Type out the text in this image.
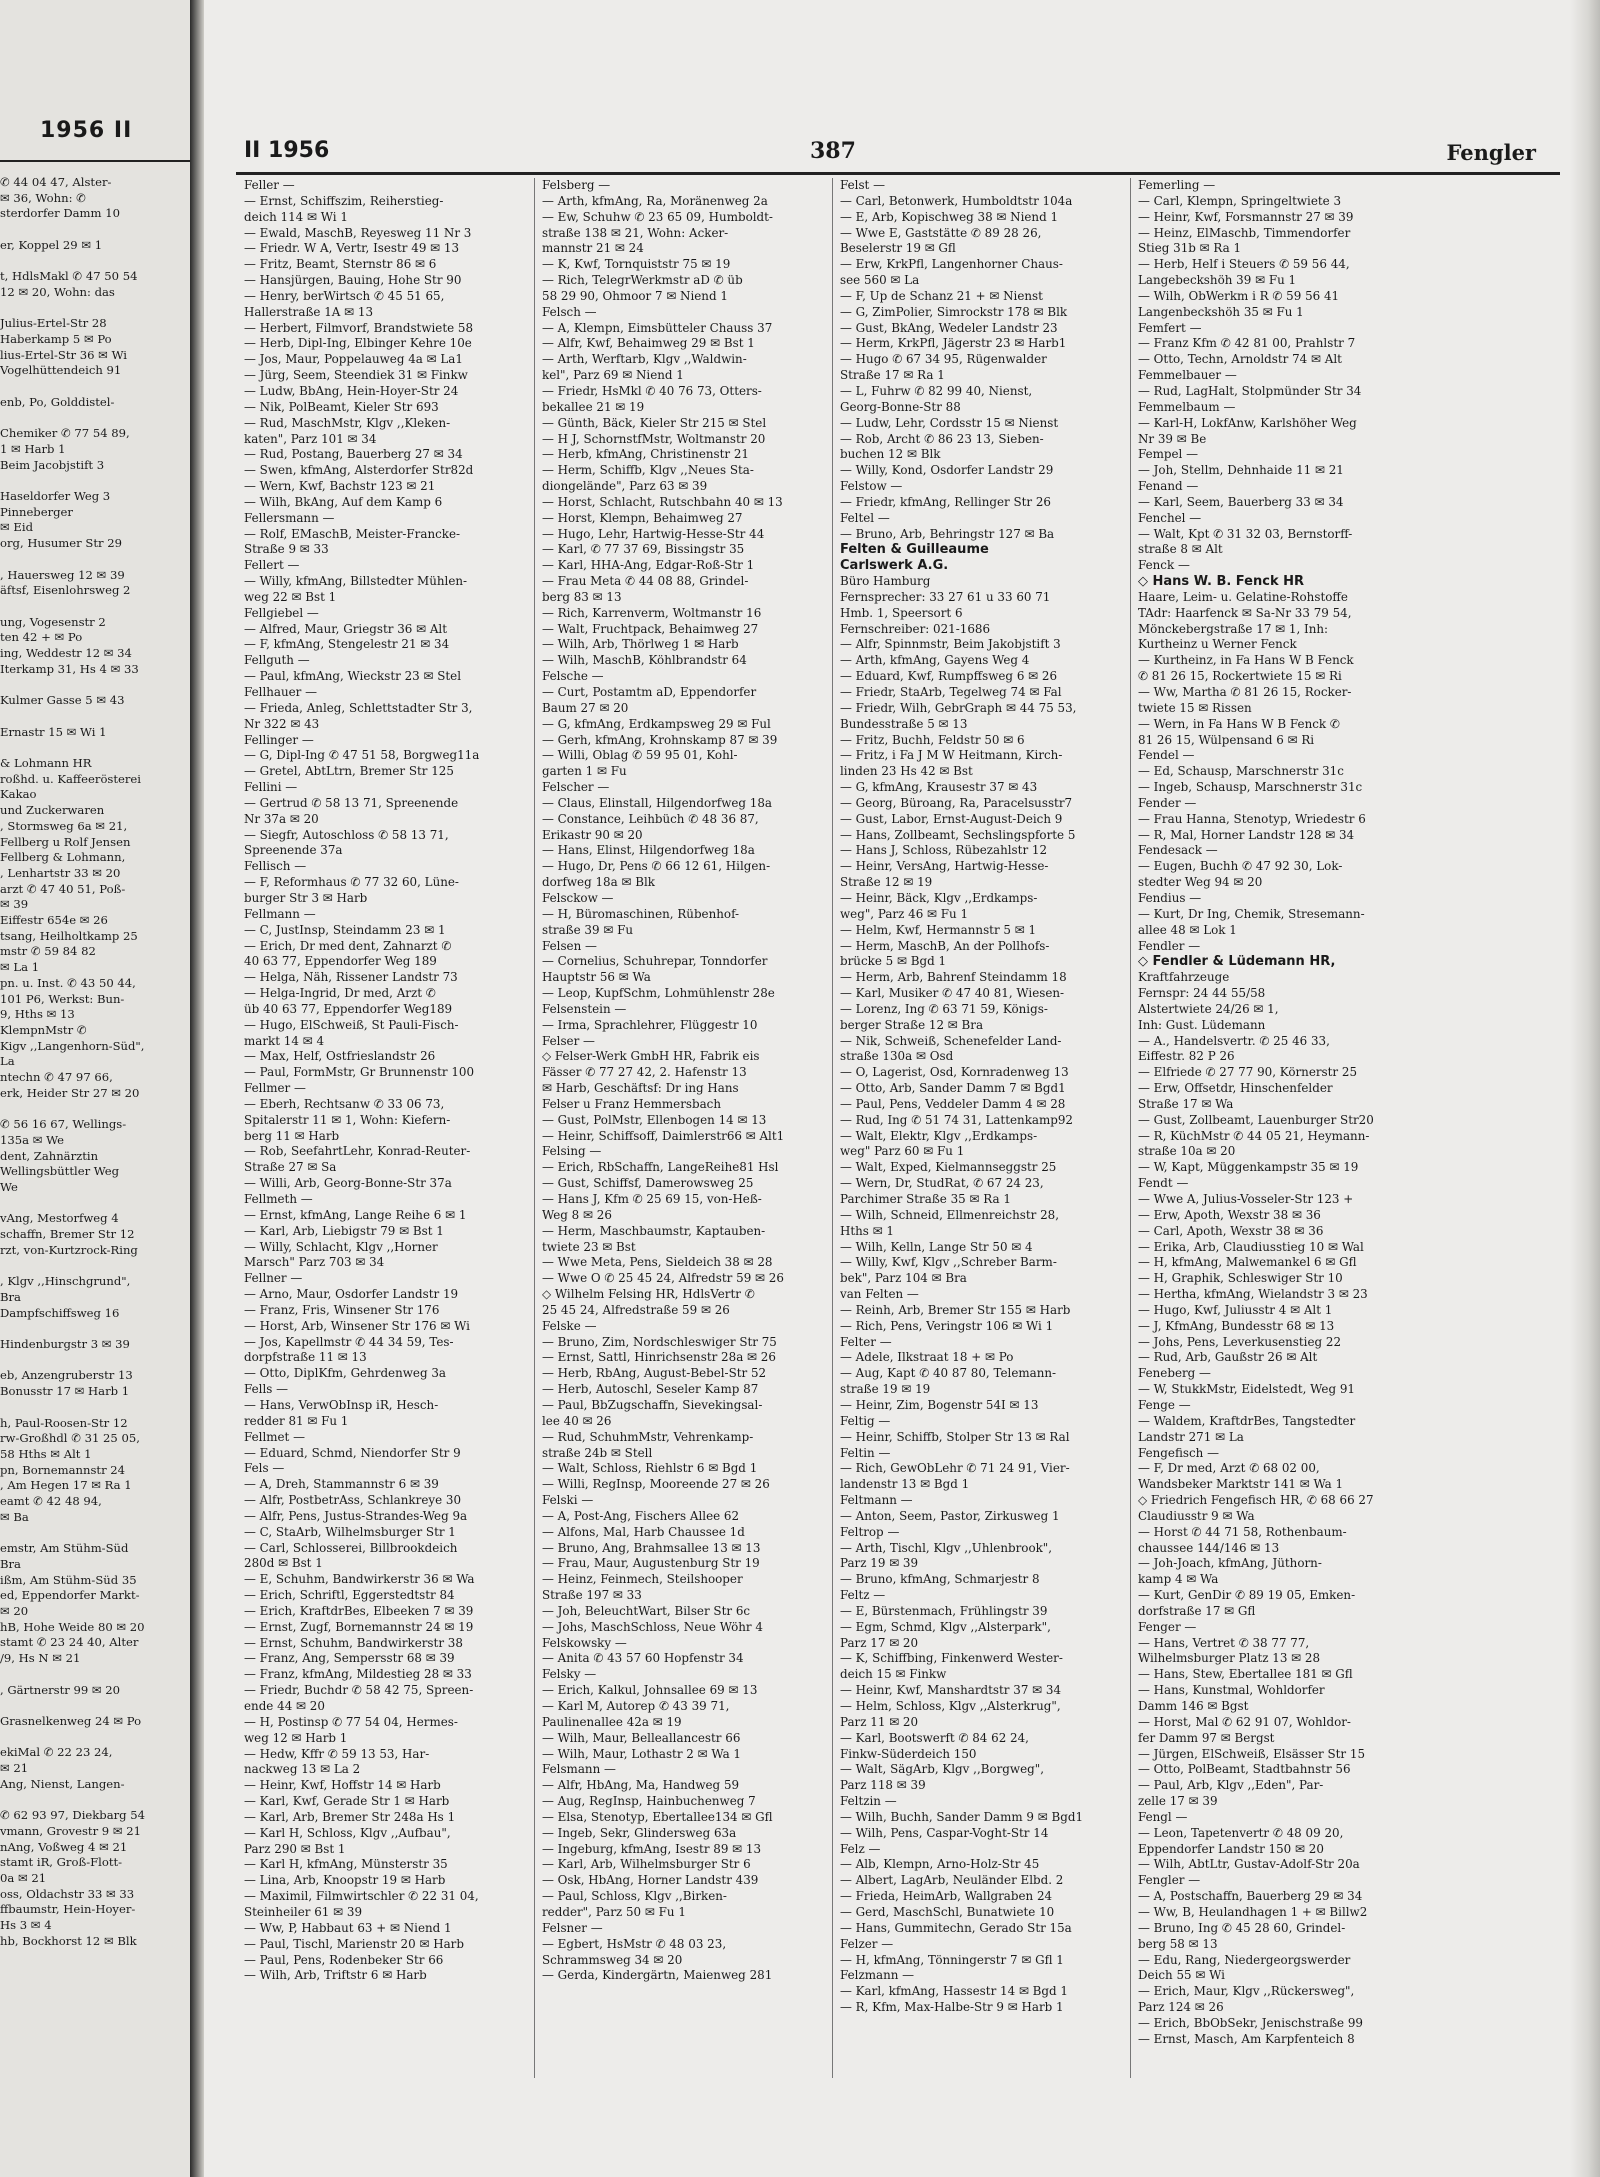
1956 II
✆ 44 04 47, Alster-
✉ 36, Wohn: ✆
sterdorfer Damm 10

er, Koppel 29 ✉ 1

t, HdlsMakl ✆ 47 50 54
12 ✉ 20, Wohn: das

Julius-Ertel-Str 28
Haberkamp 5 ✉ Po
lius-Ertel-Str 36 ✉ Wi
Vogelhüttendeich 91

enb, Po, Golddistel-

Chemiker ✆ 77 54 89,
1 ✉ Harb 1
Beim Jacobjstift 3

Haseldorfer Weg 3
Pinneberger
✉ Eid
org, Husumer Str 29

, Hauersweg 12 ✉ 39
äftsf, Eisenlohrsweg 2

ung, Vogesenstr 2
ten 42 + ✉ Po
ing, Weddestr 12 ✉ 34
Iterkamp 31, Hs 4 ✉ 33

Kulmer Gasse 5 ✉ 43

Ernastr 15 ✉ Wi 1

& Lohmann HR
roßhd. u. Kaffeerösterei
Kakao
und Zuckerwaren
, Stormsweg 6a ✉ 21,
Fellberg u Rolf Jensen
Fellberg & Lohmann,
, Lenhartstr 33 ✉ 20
arzt ✆ 47 40 51, Poß-
✉ 39
Eiffestr 654e ✉ 26
tsang, Heilholtkamp 25
mstr ✆ 59 84 82
✉ La 1
pn. u. Inst. ✆ 43 50 44,
101 P6, Werkst: Bun-
9, Hths ✉ 13
KlempnMstr ✆
Kigv ,,Langenhorn-Süd",
La
ntechn ✆ 47 97 66,
erk, Heider Str 27 ✉ 20

✆ 56 16 67, Wellings-
135a ✉ We
dent, Zahnärztin
Wellingsbüttler Weg
We

vAng, Mestorfweg 4
schaffn, Bremer Str 12
rzt, von-Kurtzrock-Ring

, Klgv ,,Hinschgrund",
Bra
Dampfschiffsweg 16

Hindenburgstr 3 ✉ 39

eb, Anzengruberstr 13
Bonusstr 17 ✉ Harb 1

h, Paul-Roosen-Str 12
rw-Großhdl ✆ 31 25 05,
58 Hths ✉ Alt 1
pn, Bornemannstr 24
, Am Hegen 17 ✉ Ra 1
eamt ✆ 42 48 94,
✉ Ba

emstr, Am Stühm-Süd
Bra
ißm, Am Stühm-Süd 35
ed, Eppendorfer Markt-
✉ 20
hB, Hohe Weide 80 ✉ 20
stamt ✆ 23 24 40, Alter
/9, Hs N ✉ 21

, Gärtnerstr 99 ✉ 20

Grasnelkenweg 24 ✉ Po

ekiMal ✆ 22 23 24,
✉ 21
Ang, Nienst, Langen-

✆ 62 93 97, Diekbarg 54
vmann, Grovestr 9 ✉ 21
nAng, Voßweg 4 ✉ 21
stamt iR, Groß-Flott-
0a ✉ 21
oss, Oldachstr 33 ✉ 33
ffbaumstr, Hein-Hoyer-
Hs 3 ✉ 4
hb, Bockhorst 12 ✉ Blk
II 1956	387	Fengler
Feller —
— Ernst, Schiffszim, Reiherstieg-
deich 114 ✉ Wi 1
— Ewald, MaschB, Reyesweg 11 Nr 3
— Friedr. W A, Vertr, Isestr 49 ✉ 13
— Fritz, Beamt, Sternstr 86 ✉ 6
— Hansjürgen, Bauing, Hohe Str 90
— Henry, berWirtsch ✆ 45 51 65,
Hallerstraße 1A ✉ 13
— Herbert, Filmvorf, Brandstwiete 58
— Herb, Dipl-Ing, Elbinger Kehre 10e
— Jos, Maur, Poppelauweg 4a ✉ La1
— Jürg, Seem, Steendiek 31 ✉ Finkw
— Ludw, BbAng, Hein-Hoyer-Str 24
— Nik, PolBeamt, Kieler Str 693
— Rud, MaschMstr, Klgv ,,Kleken-
katen", Parz 101 ✉ 34
— Rud, Postang, Bauerberg 27 ✉ 34
— Swen, kfmAng, Alsterdorfer Str82d
— Wern, Kwf, Bachstr 123 ✉ 21
— Wilh, BkAng, Auf dem Kamp 6
Fellersmann —
— Rolf, EMaschB, Meister-Francke-
Straße 9 ✉ 33
Fellert —
— Willy, kfmAng, Billstedter Mühlen-
weg 22 ✉ Bst 1
Fellgiebel —
— Alfred, Maur, Griegstr 36 ✉ Alt
— F, kfmAng, Stengelestr 21 ✉ 34
Fellguth —
— Paul, kfmAng, Wieckstr 23 ✉ Stel
Fellhauer —
— Frieda, Anleg, Schlettstadter Str 3,
Nr 322 ✉ 43
Fellinger —
— G, Dipl-Ing ✆ 47 51 58, Borgweg11a
— Gretel, AbtLtrn, Bremer Str 125
Fellini —
— Gertrud ✆ 58 13 71, Spreenende
Nr 37a ✉ 20
— Siegfr, Autoschloss ✆ 58 13 71,
Spreenende 37a
Fellisch —
— F, Reformhaus ✆ 77 32 60, Lüne-
burger Str 3 ✉ Harb
Fellmann —
— C, JustInsp, Steindamm 23 ✉ 1
— Erich, Dr med dent, Zahnarzt ✆
40 63 77, Eppendorfer Weg 189
— Helga, Näh, Rissener Landstr 73
— Helga-Ingrid, Dr med, Arzt ✆
üb 40 63 77, Eppendorfer Weg189
— Hugo, ElSchweiß, St Pauli-Fisch-
markt 14 ✉ 4
— Max, Helf, Ostfrieslandstr 26
— Paul, FormMstr, Gr Brunnenstr 100
Fellmer —
— Eberh, Rechtsanw ✆ 33 06 73,
Spitalerstr 11 ✉ 1, Wohn: Kiefern-
berg 11 ✉ Harb
— Rob, SeefahrtLehr, Konrad-Reuter-
Straße 27 ✉ Sa
— Willi, Arb, Georg-Bonne-Str 37a
Fellmeth —
— Ernst, kfmAng, Lange Reihe 6 ✉ 1
— Karl, Arb, Liebigstr 79 ✉ Bst 1
— Willy, Schlacht, Klgv ,,Horner
Marsch" Parz 703 ✉ 34
Fellner —
— Arno, Maur, Osdorfer Landstr 19
— Franz, Fris, Winsener Str 176
— Horst, Arb, Winsener Str 176 ✉ Wi
— Jos, Kapellmstr ✆ 44 34 59, Tes-
dorpfstraße 11 ✉ 13
— Otto, DiplKfm, Gehrdenweg 3a
Fells —
— Hans, VerwObInsp iR, Hesch-
redder 81 ✉ Fu 1
Fellmet —
— Eduard, Schmd, Niendorfer Str 9
Fels —
— A, Dreh, Stammannstr 6 ✉ 39
— Alfr, PostbetrAss, Schlankreye 30
— Alfr, Pens, Justus-Strandes-Weg 9a
— C, StaArb, Wilhelmsburger Str 1
— Carl, Schlosserei, Billbrookdeich
280d ✉ Bst 1
— E, Schuhm, Bandwirkerstr 36 ✉ Wa
— Erich, Schriftl, Eggerstedtstr 84
— Erich, KraftdrBes, Elbeeken 7 ✉ 39
— Ernst, Zugf, Bornemannstr 24 ✉ 19
— Ernst, Schuhm, Bandwirkerstr 38
— Franz, Ang, Sempersstr 68 ✉ 39
— Franz, kfmAng, Mildestieg 28 ✉ 33
— Friedr, Buchdr ✆ 58 42 75, Spreen-
ende 44 ✉ 20
— H, Postinsp ✆ 77 54 04, Hermes-
weg 12 ✉ Harb 1
— Hedw, Kffr ✆ 59 13 53, Har-
nackweg 13 ✉ La 2
— Heinr, Kwf, Hoffstr 14 ✉ Harb
— Karl, Kwf, Gerade Str 1 ✉ Harb
— Karl, Arb, Bremer Str 248a Hs 1
— Karl H, Schloss, Klgv ,,Aufbau",
Parz 290 ✉ Bst 1
— Karl H, kfmAng, Münsterstr 35
— Lina, Arb, Knoopstr 19 ✉ Harb
— Maximil, Filmwirtschler ✆ 22 31 04,
Steinheiler 61 ✉ 39
— Ww, P, Habbaut 63 + ✉ Niend 1
— Paul, Tischl, Marienstr 20 ✉ Harb
— Paul, Pens, Rodenbeker Str 66
— Wilh, Arb, Triftstr 6 ✉ Harb
Felsberg —
— Arth, kfmAng, Ra, Moränenweg 2a
— Ew, Schuhw ✆ 23 65 09, Humboldt-
straße 138 ✉ 21, Wohn: Acker-
mannstr 21 ✉ 24
— K, Kwf, Tornquiststr 75 ✉ 19
— Rich, TelegrWerkmstr aD ✆ üb
58 29 90, Ohmoor 7 ✉ Niend 1
Felsch —
— A, Klempn, Eimsbütteler Chauss 37
— Alfr, Kwf, Behaimweg 29 ✉ Bst 1
— Arth, Werftarb, Klgv ,,Waldwin-
kel", Parz 69 ✉ Niend 1
— Friedr, HsMkl ✆ 40 76 73, Otters-
bekallee 21 ✉ 19
— Günth, Bäck, Kieler Str 215 ✉ Stel
— H J, SchornstfMstr, Woltmanstr 20
— Herb, kfmAng, Christinenstr 21
— Herm, Schiffb, Klgv ,,Neues Sta-
diongelände", Parz 63 ✉ 39
— Horst, Schlacht, Rutschbahn 40 ✉ 13
— Horst, Klempn, Behaimweg 27
— Hugo, Lehr, Hartwig-Hesse-Str 44
— Karl, ✆ 77 37 69, Bissingstr 35
— Karl, HHA-Ang, Edgar-Roß-Str 1
— Frau Meta ✆ 44 08 88, Grindel-
berg 83 ✉ 13
— Rich, Karrenverm, Woltmanstr 16
— Walt, Fruchtpack, Behaimweg 27
— Wilh, Arb, Thörlweg 1 ✉ Harb
— Wilh, MaschB, Köhlbrandstr 64
Felsche —
— Curt, Postamtm aD, Eppendorfer
Baum 27 ✉ 20
— G, kfmAng, Erdkampsweg 29 ✉ Ful
— Gerh, kfmAng, Krohnskamp 87 ✉ 39
— Willi, Oblag ✆ 59 95 01, Kohl-
garten 1 ✉ Fu
Felscher —
— Claus, Elinstall, Hilgendorfweg 18a
— Constance, Leihbüch ✆ 48 36 87,
Erikastr 90 ✉ 20
— Hans, Elinst, Hilgendorfweg 18a
— Hugo, Dr, Pens ✆ 66 12 61, Hilgen-
dorfweg 18a ✉ Blk
Felsckow —
— H, Büromaschinen, Rübenhof-
straße 39 ✉ Fu
Felsen —
— Cornelius, Schuhrepar, Tonndorfer
Hauptstr 56 ✉ Wa
— Leop, KupfSchm, Lohmühlenstr 28e
Felsenstein —
— Irma, Sprachlehrer, Flüggestr 10
Felser —
◇ Felser-Werk GmbH HR, Fabrik eis
Fässer ✆ 77 27 42, 2. Hafenstr 13
✉ Harb, Geschäftsf: Dr ing Hans
Felser u Franz Hemmersbach
— Gust, PolMstr, Ellenbogen 14 ✉ 13
— Heinr, Schiffsoff, Daimlerstr66 ✉ Alt1
Felsing —
— Erich, RbSchaffn, LangeReihe81 Hsl
— Gust, Schiffsf, Damerowsweg 25
— Hans J, Kfm ✆ 25 69 15, von-Heß-
Weg 8 ✉ 26
— Herm, Maschbaumstr, Kaptauben-
twiete 23 ✉ Bst
— Wwe Meta, Pens, Sieldeich 38 ✉ 28
— Wwe O ✆ 25 45 24, Alfredstr 59 ✉ 26
◇ Wilhelm Felsing HR, HdlsVertr ✆
25 45 24, Alfredstraße 59 ✉ 26
Felske —
— Bruno, Zim, Nordschleswiger Str 75
— Ernst, Sattl, Hinrichsenstr 28a ✉ 26
— Herb, RbAng, August-Bebel-Str 52
— Herb, Autoschl, Seseler Kamp 87
— Paul, BbZugschaffn, Sievekingsal-
lee 40 ✉ 26
— Rud, SchuhmMstr, Vehrenkamp-
straße 24b ✉ Stell
— Walt, Schloss, Riehlstr 6 ✉ Bgd 1
— Willi, RegInsp, Mooreende 27 ✉ 26
Felski —
— A, Post-Ang, Fischers Allee 62
— Alfons, Mal, Harb Chaussee 1d
— Bruno, Ang, Brahmsallee 13 ✉ 13
— Frau, Maur, Augustenburg Str 19
— Heinz, Feinmech, Steilshooper
Straße 197 ✉ 33
— Joh, BeleuchtWart, Bilser Str 6c
— Johs, MaschSchloss, Neue Wöhr 4
Felskowsky —
— Anita ✆ 43 57 60 Hopfenstr 34
Felsky —
— Erich, Kalkul, Johnsallee 69 ✉ 13
— Karl M, Autorep ✆ 43 39 71,
Paulinenallee 42a ✉ 19
— Wilh, Maur, Belleallancestr 66
— Wilh, Maur, Lothastr 2 ✉ Wa 1
Felsmann —
— Alfr, HbAng, Ma, Handweg 59
— Aug, RegInsp, Hainbuchenweg 7
— Elsa, Stenotyp, Ebertallee134 ✉ Gfl
— Ingeb, Sekr, Glindersweg 63a
— Ingeburg, kfmAng, Isestr 89 ✉ 13
— Karl, Arb, Wilhelmsburger Str 6
— Osk, HbAng, Horner Landstr 439
— Paul, Schloss, Klgv ,,Birken-
redder", Parz 50 ✉ Fu 1
Felsner —
— Egbert, HsMstr ✆ 48 03 23,
Schrammsweg 34 ✉ 20
— Gerda, Kindergärtn, Maienweg 281
Felst —
— Carl, Betonwerk, Humboldtstr 104a
— E, Arb, Kopischweg 38 ✉ Niend 1
— Wwe E, Gaststätte ✆ 89 28 26,
Beselerstr 19 ✉ Gfl
— Erw, KrkPfl, Langenhorner Chaus-
see 560 ✉ La
— F, Up de Schanz 21 + ✉ Nienst
— G, ZimPolier, Simrockstr 178 ✉ Blk
— Gust, BkAng, Wedeler Landstr 23
— Herm, KrkPfl, Jägerstr 23 ✉ Harb1
— Hugo ✆ 67 34 95, Rügenwalder
Straße 17 ✉ Ra 1
— L, Fuhrw ✆ 82 99 40, Nienst,
Georg-Bonne-Str 88
— Ludw, Lehr, Cordsstr 15 ✉ Nienst
— Rob, Archt ✆ 86 23 13, Sieben-
buchen 12 ✉ Blk
— Willy, Kond, Osdorfer Landstr 29
Felstow —
— Friedr, kfmAng, Rellinger Str 26
Feltel —
— Bruno, Arb, Behringstr 127 ✉ Ba
Felten & Guilleaume
Carlswerk A.G.
Büro Hamburg
Fernsprecher: 33 27 61 u 33 60 71
Hmb. 1, Speersort 6
Fernschreiber: 021-1686
— Alfr, Spinnmstr, Beim Jakobjstift 3
— Arth, kfmAng, Gayens Weg 4
— Eduard, Kwf, Rumpffsweg 6 ✉ 26
— Friedr, StaArb, Tegelweg 74 ✉ Fal
— Friedr, Wilh, GebrGraph ✉ 44 75 53,
Bundesstraße 5 ✉ 13
— Fritz, Buchh, Feldstr 50 ✉ 6
— Fritz, i Fa J M W Heitmann, Kirch-
linden 23 Hs 42 ✉ Bst
— G, kfmAng, Krausestr 37 ✉ 43
— Georg, Büroang, Ra, Paracelsusstr7
— Gust, Labor, Ernst-August-Deich 9
— Hans, Zollbeamt, Sechslingspforte 5
— Hans J, Schloss, Rübezahlstr 12
— Heinr, VersAng, Hartwig-Hesse-
Straße 12 ✉ 19
— Heinr, Bäck, Klgv ,,Erdkamps-
weg", Parz 46 ✉ Fu 1
— Helm, Kwf, Hermannstr 5 ✉ 1
— Herm, MaschB, An der Pollhofs-
brücke 5 ✉ Bgd 1
— Herm, Arb, Bahrenf Steindamm 18
— Karl, Musiker ✆ 47 40 81, Wiesen-
— Lorenz, Ing ✆ 63 71 59, Königs-
berger Straße 12 ✉ Bra
— Nik, Schweiß, Schenefelder Land-
straße 130a ✉ Osd
— O, Lagerist, Osd, Kornradenweg 13
— Otto, Arb, Sander Damm 7 ✉ Bgd1
— Paul, Pens, Veddeler Damm 4 ✉ 28
— Rud, Ing ✆ 51 74 31, Lattenkamp92
— Walt, Elektr, Klgv ,,Erdkamps-
weg" Parz 60 ✉ Fu 1
— Walt, Exped, Kielmannseggstr 25
— Wern, Dr, StudRat, ✆ 67 24 23,
Parchimer Straße 35 ✉ Ra 1
— Wilh, Schneid, Ellmenreichstr 28,
Hths ✉ 1
— Wilh, Kelln, Lange Str 50 ✉ 4
— Willy, Kwf, Klgv ,,Schreber Barm-
bek", Parz 104 ✉ Bra
van Felten —
— Reinh, Arb, Bremer Str 155 ✉ Harb
— Rich, Pens, Veringstr 106 ✉ Wi 1
Felter —
— Adele, Ilkstraat 18 + ✉ Po
— Aug, Kapt ✆ 40 87 80, Telemann-
straße 19 ✉ 19
— Heinr, Zim, Bogenstr 54I ✉ 13
Feltig —
— Heinr, Schiffb, Stolper Str 13 ✉ Ral
Feltin —
— Rich, GewObLehr ✆ 71 24 91, Vier-
landenstr 13 ✉ Bgd 1
Feltmann —
— Anton, Seem, Pastor, Zirkusweg 1
Feltrop —
— Arth, Tischl, Klgv ,,Uhlenbrook",
Parz 19 ✉ 39
— Bruno, kfmAng, Schmarjestr 8
Feltz —
— E, Bürstenmach, Frühlingstr 39
— Egm, Schmd, Klgv ,,Alsterpark",
Parz 17 ✉ 20
— K, Schiffbing, Finkenwerd Wester-
deich 15 ✉ Finkw
— Heinr, Kwf, Manshardtstr 37 ✉ 34
— Helm, Schloss, Klgv ,,Alsterkrug",
Parz 11 ✉ 20
— Karl, Bootswerft ✆ 84 62 24,
Finkw-Süderdeich 150
— Walt, SägArb, Klgv ,,Borgweg",
Parz 118 ✉ 39
Feltzin —
— Wilh, Buchh, Sander Damm 9 ✉ Bgd1
— Wilh, Pens, Caspar-Voght-Str 14
Felz —
— Alb, Klempn, Arno-Holz-Str 45
— Albert, LagArb, Neuländer Elbd. 2
— Frieda, HeimArb, Wallgraben 24
— Gerd, MaschSchl, Bunatwiete 10
— Hans, Gummitechn, Gerado Str 15a
Felzer —
— H, kfmAng, Tönningerstr 7 ✉ Gfl 1
Felzmann —
— Karl, kfmAng, Hassestr 14 ✉ Bgd 1
— R, Kfm, Max-Halbe-Str 9 ✉ Harb 1
Femerling —
— Carl, Klempn, Springeltwiete 3
— Heinr, Kwf, Forsmannstr 27 ✉ 39
— Heinz, ElMaschb, Timmendorfer
Stieg 31b ✉ Ra 1
— Herb, Helf i Steuers ✆ 59 56 44,
Langebeckshöh 39 ✉ Fu 1
— Wilh, ObWerkm i R ✆ 59 56 41
Langenbeckshöh 35 ✉ Fu 1
Femfert —
— Franz Kfm ✆ 42 81 00, Prahlstr 7
— Otto, Techn, Arnoldstr 74 ✉ Alt
Femmelbauer —
— Rud, LagHalt, Stolpmünder Str 34
Femmelbaum —
— Karl-H, LokfAnw, Karlshöher Weg
Nr 39 ✉ Be
Fempel —
— Joh, Stellm, Dehnhaide 11 ✉ 21
Fenand —
— Karl, Seem, Bauerberg 33 ✉ 34
Fenchel —
— Walt, Kpt ✆ 31 32 03, Bernstorff-
straße 8 ✉ Alt
Fenck —
◇ Hans W. B. Fenck HR
Haare, Leim- u. Gelatine-Rohstoffe
TAdr: Haarfenck ✉ Sa-Nr 33 79 54,
Mönckebergstraße 17 ✉ 1, Inh:
Kurtheinz u Werner Fenck
— Kurtheinz, in Fa Hans W B Fenck
✆ 81 26 15, Rockertwiete 15 ✉ Ri
— Ww, Martha ✆ 81 26 15, Rocker-
twiete 15 ✉ Rissen
— Wern, in Fa Hans W B Fenck ✆
81 26 15, Wülpensand 6 ✉ Ri
Fendel —
— Ed, Schausp, Marschnerstr 31c
— Ingeb, Schausp, Marschnerstr 31c
Fender —
— Frau Hanna, Stenotyp, Wriedestr 6
— R, Mal, Horner Landstr 128 ✉ 34
Fendesack —
— Eugen, Buchh ✆ 47 92 30, Lok-
stedter Weg 94 ✉ 20
Fendius —
— Kurt, Dr Ing, Chemik, Stresemann-
allee 48 ✉ Lok 1
Fendler —
◇ Fendler & Lüdemann HR,
Kraftfahrzeuge
Fernspr: 24 44 55/58
Alstertwiete 24/26 ✉ 1,
Inh: Gust. Lüdemann
— A., Handelsvertr. ✆ 25 46 33,
Eiffestr. 82 P 26
— Elfriede ✆ 27 77 90, Körnerstr 25
— Erw, Offsetdr, Hinschenfelder
Straße 17 ✉ Wa
— Gust, Zollbeamt, Lauenburger Str20
— R, KüchMstr ✆ 44 05 21, Heymann-
straße 10a ✉ 20
— W, Kapt, Müggenkampstr 35 ✉ 19
Fendt —
— Wwe A, Julius-Vosseler-Str 123 +
— Erw, Apoth, Wexstr 38 ✉ 36
— Carl, Apoth, Wexstr 38 ✉ 36
— Erika, Arb, Claudiusstieg 10 ✉ Wal
— H, kfmAng, Malwemankel 6 ✉ Gfl
— H, Graphik, Schleswiger Str 10
— Hertha, kfmAng, Wielandstr 3 ✉ 23
— Hugo, Kwf, Juliusstr 4 ✉ Alt 1
— J, KfmAng, Bundesstr 68 ✉ 13
— Johs, Pens, Leverkusenstieg 22
— Rud, Arb, Gaußstr 26 ✉ Alt
Feneberg —
— W, StukkMstr, Eidelstedt, Weg 91
Fenge —
— Waldem, KraftdrBes, Tangstedter
Landstr 271 ✉ La
Fengefisch —
— F, Dr med, Arzt ✆ 68 02 00,
Wandsbeker Marktstr 141 ✉ Wa 1
◇ Friedrich Fengefisch HR, ✆ 68 66 27
Claudiusstr 9 ✉ Wa
— Horst ✆ 44 71 58, Rothenbaum-
chaussee 144/146 ✉ 13
— Joh-Joach, kfmAng, Jüthorn-
kamp 4 ✉ Wa
— Kurt, GenDir ✆ 89 19 05, Emken-
dorfstraße 17 ✉ Gfl
Fenger —
— Hans, Vertret ✆ 38 77 77,
Wilhelmsburger Platz 13 ✉ 28
— Hans, Stew, Ebertallee 181 ✉ Gfl
— Hans, Kunstmal, Wohldorfer
Damm 146 ✉ Bgst
— Horst, Mal ✆ 62 91 07, Wohldor-
fer Damm 97 ✉ Bergst
— Jürgen, ElSchweiß, Elsässer Str 15
— Otto, PolBeamt, Stadtbahnstr 56
— Paul, Arb, Klgv ,,Eden", Par-
zelle 17 ✉ 39
Fengl —
— Leon, Tapetenvertr ✆ 48 09 20,
Eppendorfer Landstr 150 ✉ 20
— Wilh, AbtLtr, Gustav-Adolf-Str 20a
Fengler —
— A, Postschaffn, Bauerberg 29 ✉ 34
— Ww, B, Heulandhagen 1 + ✉ Billw2
— Bruno, Ing ✆ 45 28 60, Grindel-
berg 58 ✉ 13
— Edu, Rang, Niedergeorgswerder
Deich 55 ✉ Wi
— Erich, Maur, Klgv ,,Rückersweg",
Parz 124 ✉ 26
— Erich, BbObSekr, Jenischstraße 99
— Ernst, Masch, Am Karpfenteich 8
